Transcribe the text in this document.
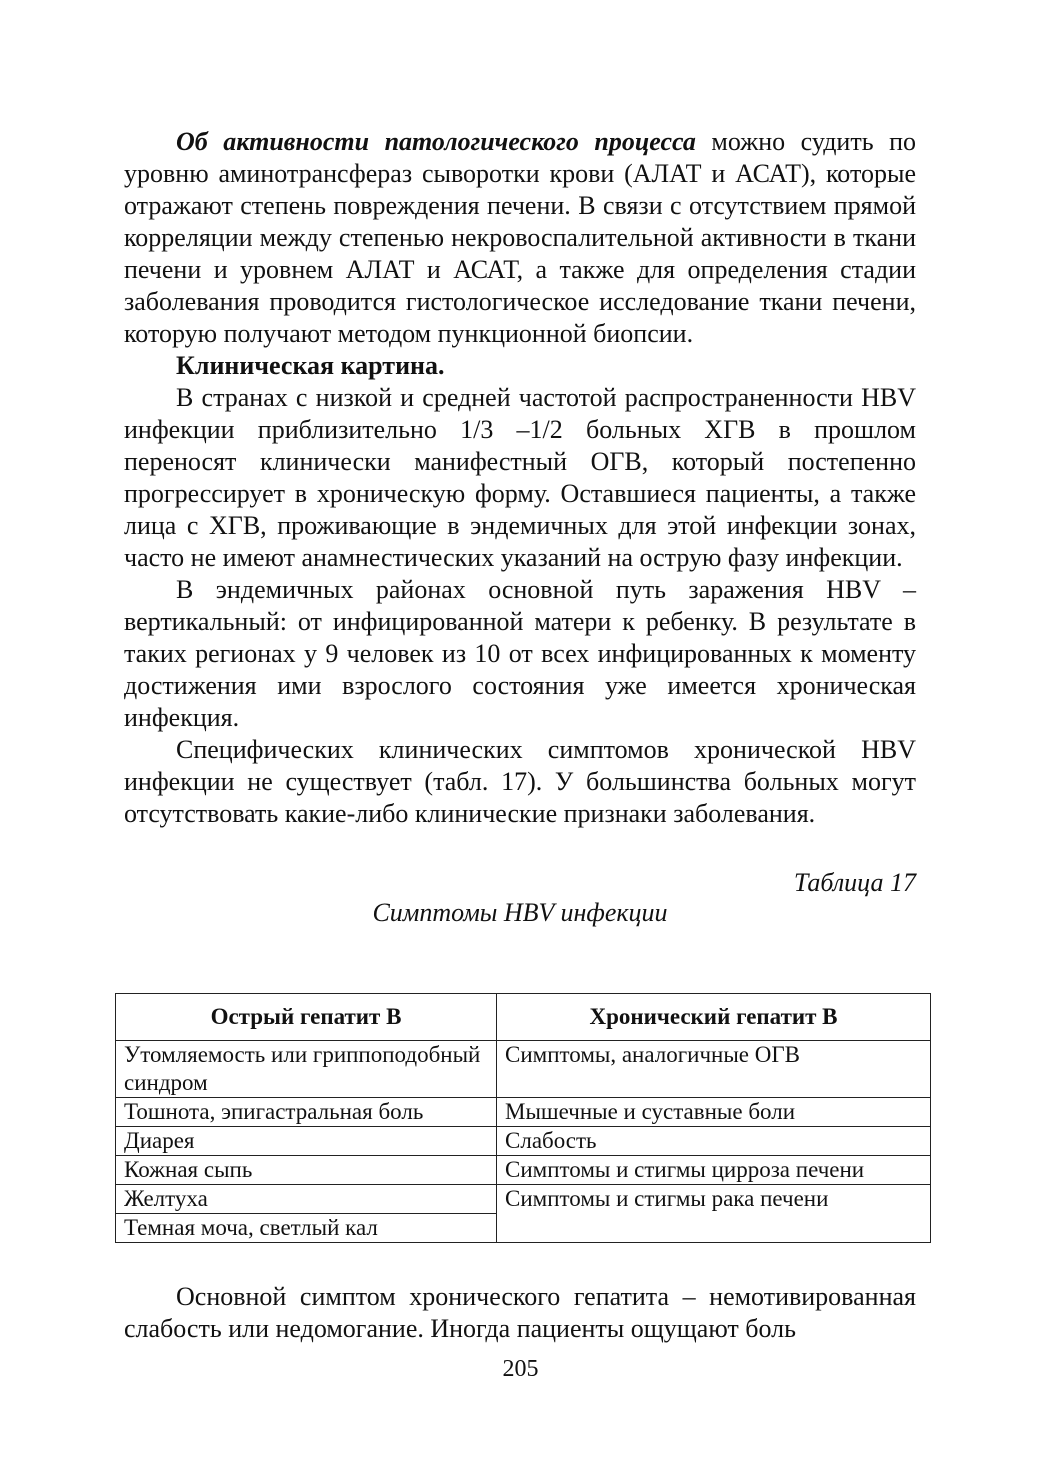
Об активности патологического процесса можно судить по уровню аминотрансфераз сыворотки крови (АЛАТ и АСАТ), которые отражают степень повреждения печени. В связи с отсутствием прямой корреляции между степенью некровоспалительной активности в ткани печени и уровнем АЛАТ и АСАТ, а также для определения стадии заболевания проводится гистологическое исследование ткани печени, которую получают методом пункционной биопсии.

Клиническая картина.

В странах с низкой и средней частотой распространенности HBV инфекции приблизительно 1/3 –1/2 больных ХГВ в прошлом переносят клинически манифестный ОГВ, который постепенно прогрессирует в хроническую форму. Оставшиеся пациенты, а также лица с ХГВ, проживающие в эндемичных для этой инфекции зонах, часто не имеют анамнестических указаний на острую фазу инфекции.

В эндемичных районах основной путь заражения HBV – вертикальный: от инфицированной матери к ребенку. В результате в таких регионах у 9 человек из 10 от всех инфицированных к моменту достижения ими взрослого состояния уже имеется хроническая инфекция.

Специфических клинических симптомов хронической HBV инфекции не существует (табл. 17). У большинства больных могут отсутствовать какие-либо клинические признаки заболевания.

Таблица 17
Симптомы HBV инфекции
Острый гепатит В	Хронический гепатит В
Утомляемость или гриппоподобный синдром	Симптомы, аналогичные ОГВ
Тошнота, эпигастральная боль	Мышечные и суставные боли
Диарея	Слабость
Кожная сыпь	Симптомы и стигмы цирроза печени
Желтуха	Симптомы и стигмы рака печени
Темная моча, светлый кал	

Основной симптом хронического гепатита – немотивированная слабость или недомогание. Иногда пациенты ощущают боль

205
